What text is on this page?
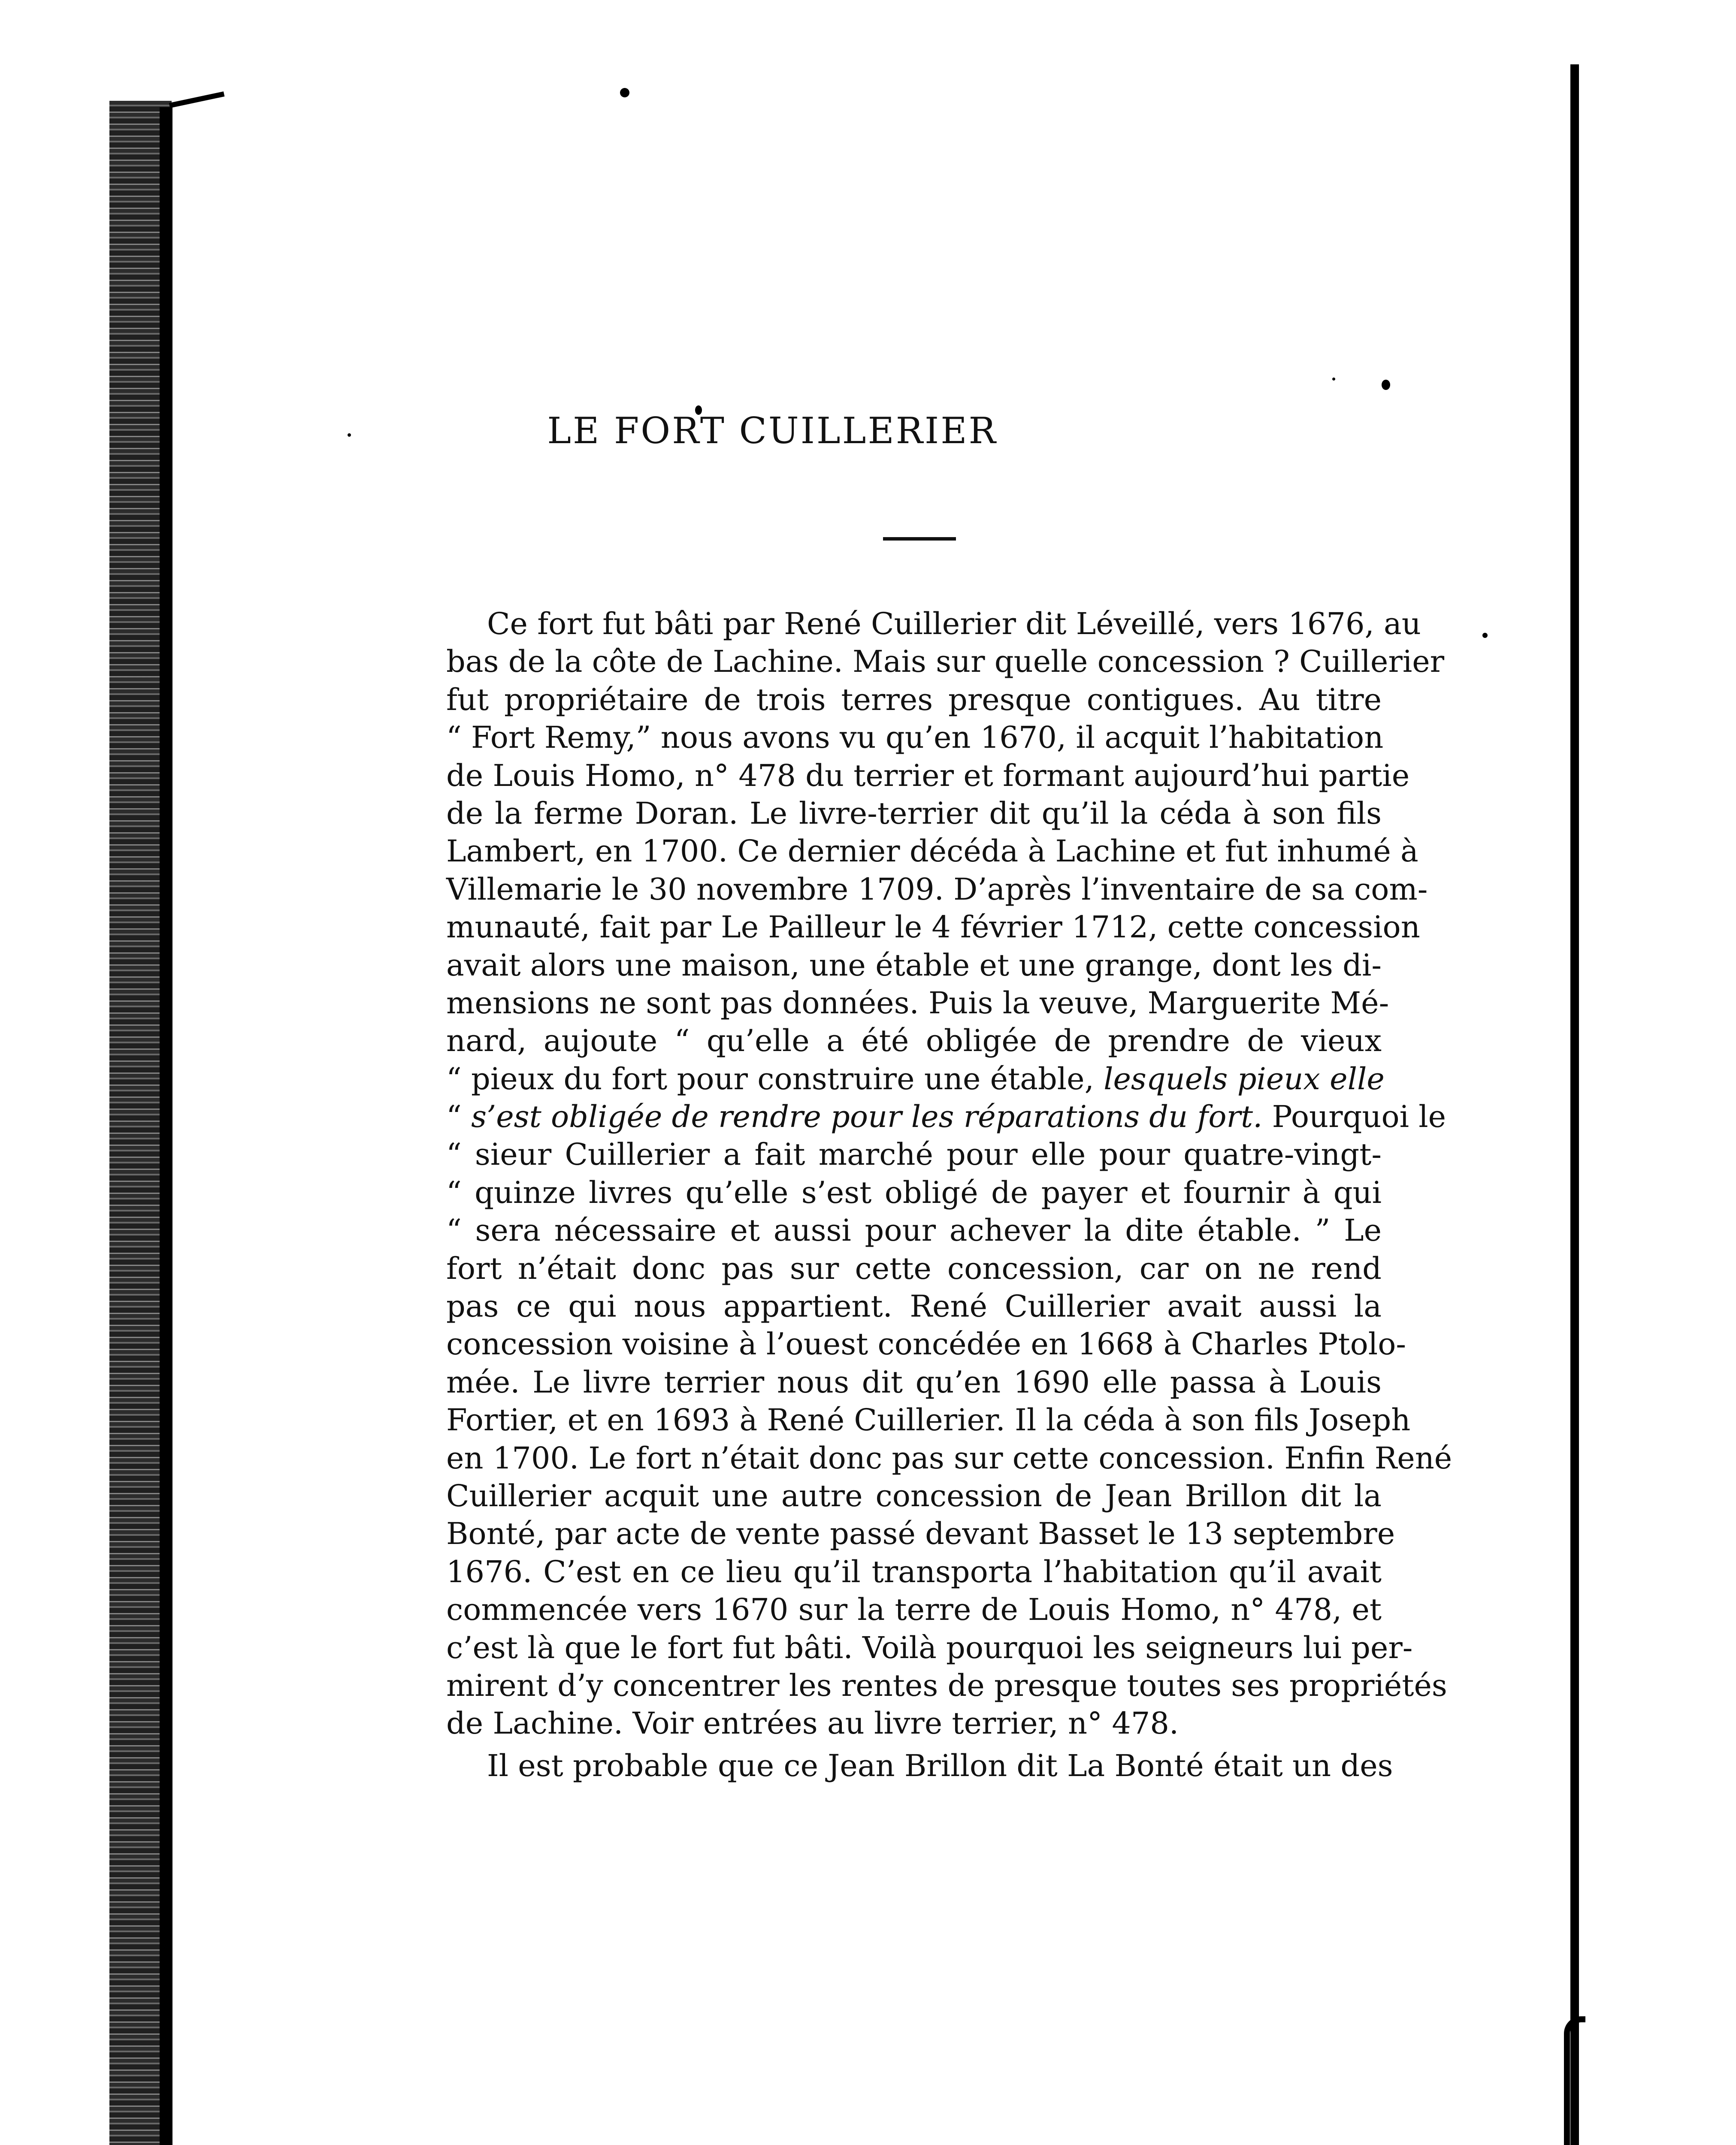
LE FORT CUILLERIER
Ce fort fut bâti par René Cuillerier dit Léveillé, vers 1676, au
bas de la côte de Lachine. Mais sur quelle concession ? Cuillerier
fut propriétaire de trois terres presque contigues. Au titre
“ Fort Remy,” nous avons vu qu’en 1670, il acquit l’habitation
de Louis Homo, n° 478 du terrier et formant aujourd’hui partie
de la ferme Doran. Le livre-terrier dit qu’il la céda à son fils
Lambert, en 1700. Ce dernier décéda à Lachine et fut inhumé à
Villemarie le 30 novembre 1709. D’après l’inventaire de sa com-
munauté, fait par Le Pailleur le 4 février 1712, cette concession
avait alors une maison, une étable et une grange, dont les di-
mensions ne sont pas données. Puis la veuve, Marguerite Mé-
nard, aujoute “ qu’elle a été obligée de prendre de vieux
“ pieux du fort pour construire une étable, lesquels pieux elle
“ s’est obligée de rendre pour les réparations du fort. Pourquoi le
“ sieur Cuillerier a fait marché pour elle pour quatre-vingt-
“ quinze livres qu’elle s’est obligé de payer et fournir à qui
“ sera nécessaire et aussi pour achever la dite étable. ” Le
fort n’était donc pas sur cette concession, car on ne rend
pas ce qui nous appartient. René Cuillerier avait aussi la
concession voisine à l’ouest concédée en 1668 à Charles Ptolo-
mée. Le livre terrier nous dit qu’en 1690 elle passa à Louis
Fortier, et en 1693 à René Cuillerier. Il la céda à son fils Joseph
en 1700. Le fort n’était donc pas sur cette concession. Enfin René
Cuillerier acquit une autre concession de Jean Brillon dit la
Bonté, par acte de vente passé devant Basset le 13 septembre
1676. C’est en ce lieu qu’il transporta l’habitation qu’il avait
commencée vers 1670 sur la terre de Louis Homo, n° 478, et
c’est là que le fort fut bâti. Voilà pourquoi les seigneurs lui per-
mirent d’y concentrer les rentes de presque toutes ses propriétés
de Lachine. Voir entrées au livre terrier, n° 478.
Il est probable que ce Jean Brillon dit La Bonté était un des
